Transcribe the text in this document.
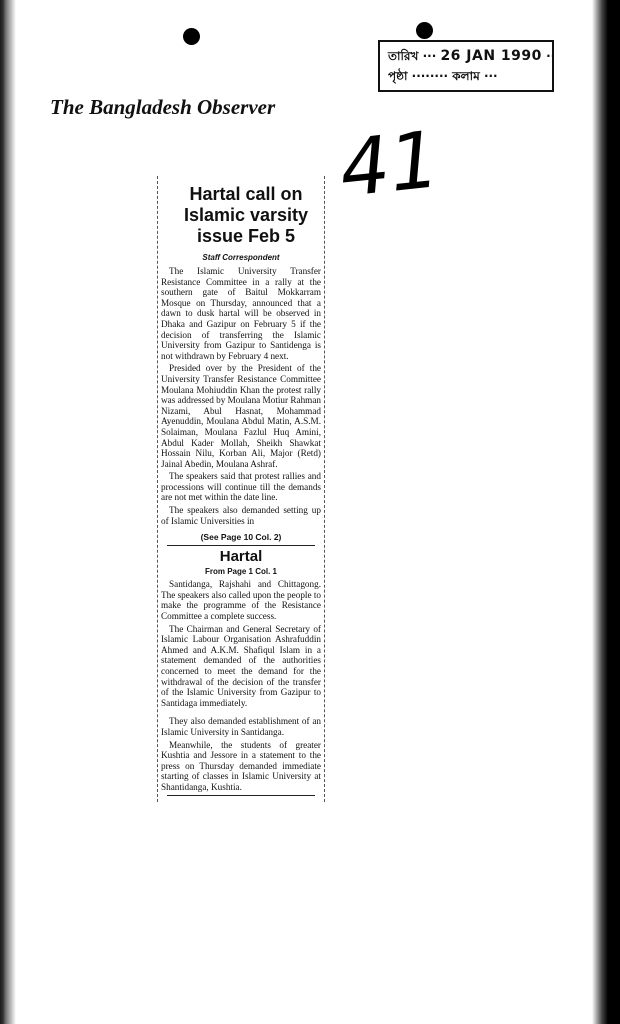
তারিখ ··· 26 JAN 1990 ··
পৃষ্ঠা ········ কলাম ···
The Bangladesh Observer
41
Hartal call on
Islamic varsity
issue Feb 5
Staff Correspondent

The Islamic University Transfer Resistance Committee in a rally at the southern gate of Baitul Mokkarram Mosque on Thursday, announced that a dawn to dusk hartal will be observed in Dhaka and Gazipur on February 5 if the decision of transferring the Islamic University from Gazipur to Santidenga is not withdrawn by February 4 next.

Presided over by the President of the University Transfer Resistance Committee Moulana Mohiuddin Khan the protest rally was addressed by Moulana Motiur Rahman Nizami, Abul Hasnat, Mohammad Ayenuddin, Moulana Abdul Matin, A.S.M. Solaiman, Moulana Fazlul Huq Amini, Abdul Kader Mollah, Sheikh Shawkat Hossain Nilu, Korban Ali, Major (Retd) Jainal Abedin, Moulana Ashraf.

The speakers said that protest rallies and processions will continue till the demands are not met within the date line.

The speakers also demanded setting up of Islamic Universities in

(See Page 10 Col. 2)
Hartal
From Page 1 Col. 1

Santidanga, Rajshahi and Chittagong. The speakers also called upon the people to make the programme of the Resistance Committee a complete success.

The Chairman and General Secretary of Islamic Labour Organisation Ashrafuddin Ahmed and A.K.M. Shafiqul Islam in a statement demanded of the authorities concerned to meet the demand for the withdrawal of the decision of the transfer of the Islamic University from Gazipur to Santidaga immediately.

They also demanded establishment of an Islamic University in Santidanga.

Meanwhile, the students of greater Kushtia and Jessore in a statement to the press on Thursday demanded immediate starting of classes in Islamic University at Shantidanga, Kushtia.
